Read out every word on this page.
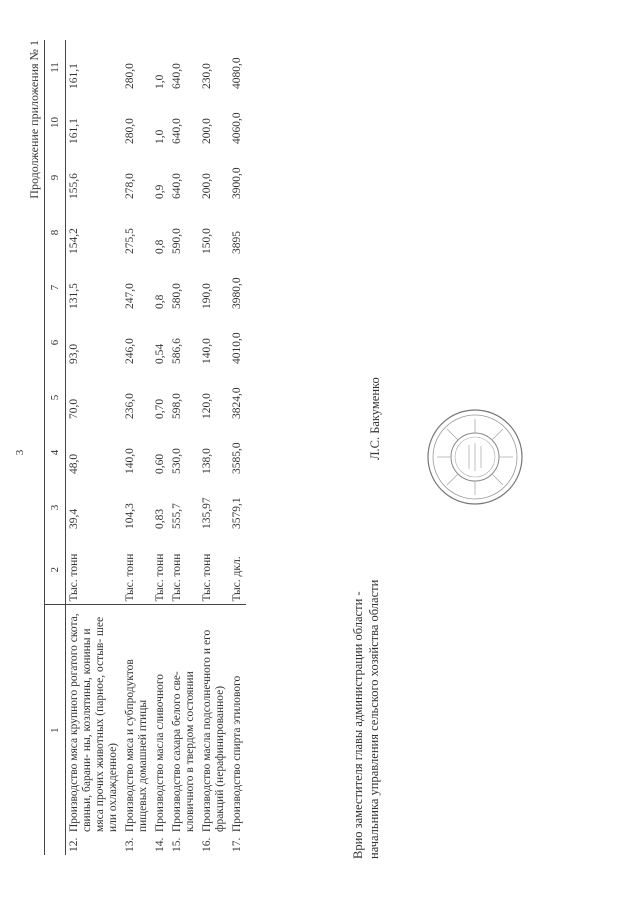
3
Продолжение приложения № 1
1	2	3	4	5	6	7	8	9	10	11
12.Производство мяса крупного рогатого скота, свиньи, барани- ны, козлятины, конины и мяса прочих животных (парное, остыв- шее или охлажденное)	Тыс. тонн	39,4	48,0	70,0	93,0	131,5	154,2	155,6	161,1	161,1
13.Производство мяса и субпродуктов пищевых домашней птицы	Тыс. тонн	104,3	140,0	236,0	246,0	247,0	275,5	278,0	280,0	280,0
14.Производство масла сливочного	Тыс. тонн	0,83	0,60	0,70	0,54	0,8	0,8	0,9	1,0	1,0
15.Производство сахара белого све- кловичного в твердом состоянии	Тыс. тонн	555,7	530,0	598,0	586,6	580,0	590,0	640,0	640,0	640,0
16.Производство масла подсолнечного и его фракций (нерафинированное)	Тыс. тонн	135,97	138,0	120,0	140,0	190,0	150,0	200,0	200,0	230,0
17.Производство спирта этилового	Тыс. дкл.	3579,1	3585,0	3824,0	4010,0	3980,0	3895	3900,0	4060,0	4080,0
Врио заместителя главы администрации области - начальника управления сельского хозяйства области
Л.С. Бакуменко
